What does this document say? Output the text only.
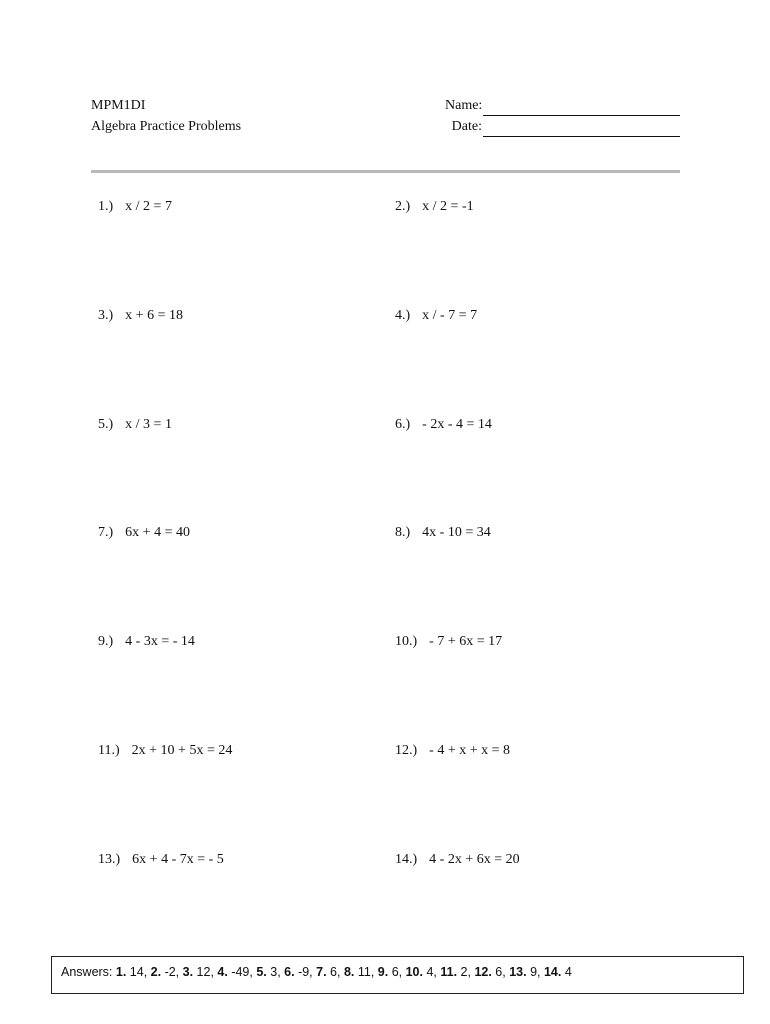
MPM1DI
Algebra Practice Problems
Name:
Date:

1.) x / 2 = 7	2.) x / 2 = -1

3.) x + 6 = 18	4.) x / - 7 = 7

5.) x / 3 = 1	6.) - 2x - 4 = 14

7.) 6x + 4 = 40	8.) 4x - 10 = 34

9.) 4 - 3x = - 14	10.) - 7 + 6x = 17

11.) 2x + 10 + 5x = 24	12.) - 4 + x + x = 8

13.) 6x + 4 - 7x = - 5	14.) 4 - 2x + 6x = 20

Answers: 1. 14, 2. -2, 3. 12, 4. -49, 5. 3, 6. -9, 7. 6, 8. 11, 9. 6, 10. 4, 11. 2, 12. 6, 13. 9, 14. 4
